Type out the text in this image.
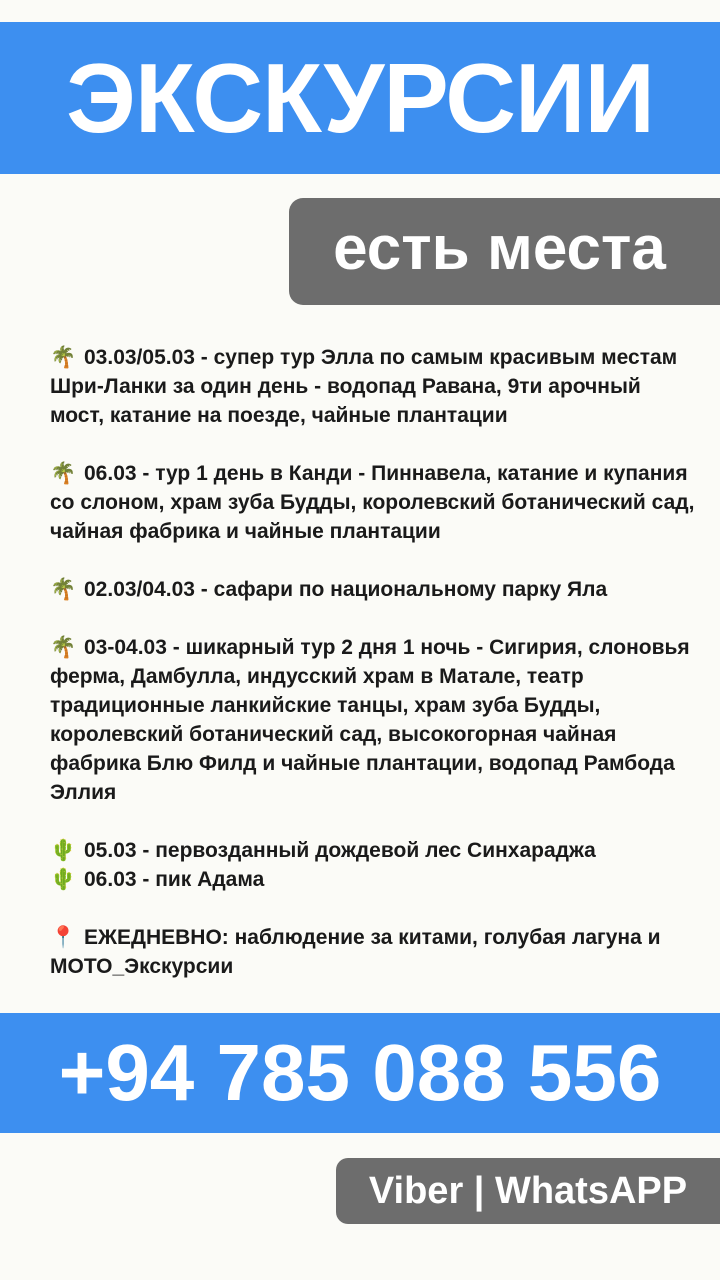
ЭКСКУРСИИ
есть места

🌴 03.03/05.03 - супер тур Элла по самым красивым местам Шри-Ланки за один день - водопад Равана, 9ти арочный мост, катание на поезде, чайные плантации

🌴 06.03 - тур 1 день в Канди - Пиннавела, катание и купания со слоном, храм зуба Будды, королевский ботанический сад, чайная фабрика и чайные плантации

🌴 02.03/04.03 - сафари по национальному парку Яла

🌴 03-04.03 - шикарный тур 2 дня 1 ночь - Сигирия, слоновья ферма, Дамбулла, индусский храм в Матале, театр традиционные ланкийские танцы, храм зуба Будды, королевский ботанический сад, высокогорная чайная фабрика Блю Филд и чайные плантации, водопад Рамбода Эллия

🌵 05.03 - первозданный дождевой лес Синхараджа

🌵 06.03 - пик Адама

📍 ЕЖЕДНЕВНО: наблюдение за китами, голубая лагуна и МОТО_Экскурсии

+94 785 088 556
Viber | WhatsAPP
